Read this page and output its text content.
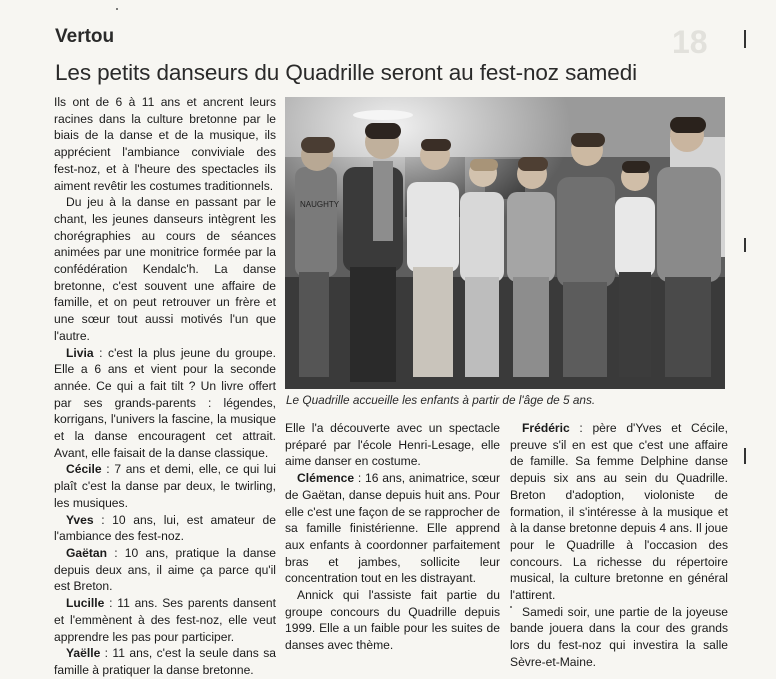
Vertou	18
Les petits danseurs du Quadrille seront au fest-noz samedi

Ils ont de 6 à 11 ans et ancrent leurs racines dans la culture bretonne par le biais de la danse et de la musique, ils apprécient l'ambiance conviviale des fest-noz, et à l'heure des spectacles ils aiment revêtir les costumes traditionnels.

Du jeu à la danse en passant par le chant, les jeunes danseurs intègrent les chorégraphies au cours de séances animées par une monitrice formée par la confédération Kendalc'h. La danse bretonne, c'est souvent une affaire de famille, et on peut retrouver un frère et une sœur tout aussi motivés l'un que l'autre.

Livia : c'est la plus jeune du groupe. Elle a 6 ans et vient pour la seconde année. Ce qui a fait tilt ? Un livre offert par ses grands-parents : légendes, korrigans, l'univers la fascine, la musique et la danse encouragent cet attrait. Avant, elle faisait de la danse classique.

Cécile : 7 ans et demi, elle, ce qui lui plaît c'est la danse par deux, le twirling, les musiques.

Yves : 10 ans, lui, est amateur de l'ambiance des fest-noz.

Gaëtan : 10 ans, pratique la danse depuis deux ans, il aime ça parce qu'il est Breton.

Lucille : 11 ans. Ses parents dansent et l'emmènent à des fest-noz, elle veut apprendre les pas pour participer.

Yaëlle : 11 ans, c'est la seule dans sa famille à pratiquer la danse bretonne.

NAUGHTY
Le Quadrille accueille les enfants à partir de l'âge de 5 ans.

Elle l'a découverte avec un spectacle préparé par l'école Henri-Lesage, elle aime danser en costume.

Clémence : 16 ans, animatrice, sœur de Gaëtan, danse depuis huit ans. Pour elle c'est une façon de se rapprocher de sa famille finistérienne. Elle apprend aux enfants à coordonner parfaitement bras et jambes, sollicite leur concentration tout en les distrayant.

Annick qui l'assiste fait partie du groupe concours du Quadrille depuis 1999. Elle a un faible pour les suites de danses avec thème.

Frédéric : père d'Yves et Cécile, preuve s'il en est que c'est une affaire de famille. Sa femme Delphine danse depuis six ans au sein du Quadrille. Breton d'adoption, violoniste de formation, il s'intéresse à la musique et à la danse bretonne depuis 4 ans. Il joue pour le Quadrille à l'occasion des concours. La richesse du répertoire musical, la culture bretonne en général l'attirent.

Samedi soir, une partie de la joyeuse bande jouera dans la cour des grands lors du fest-noz qui investira la salle Sèvre-et-Maine.
